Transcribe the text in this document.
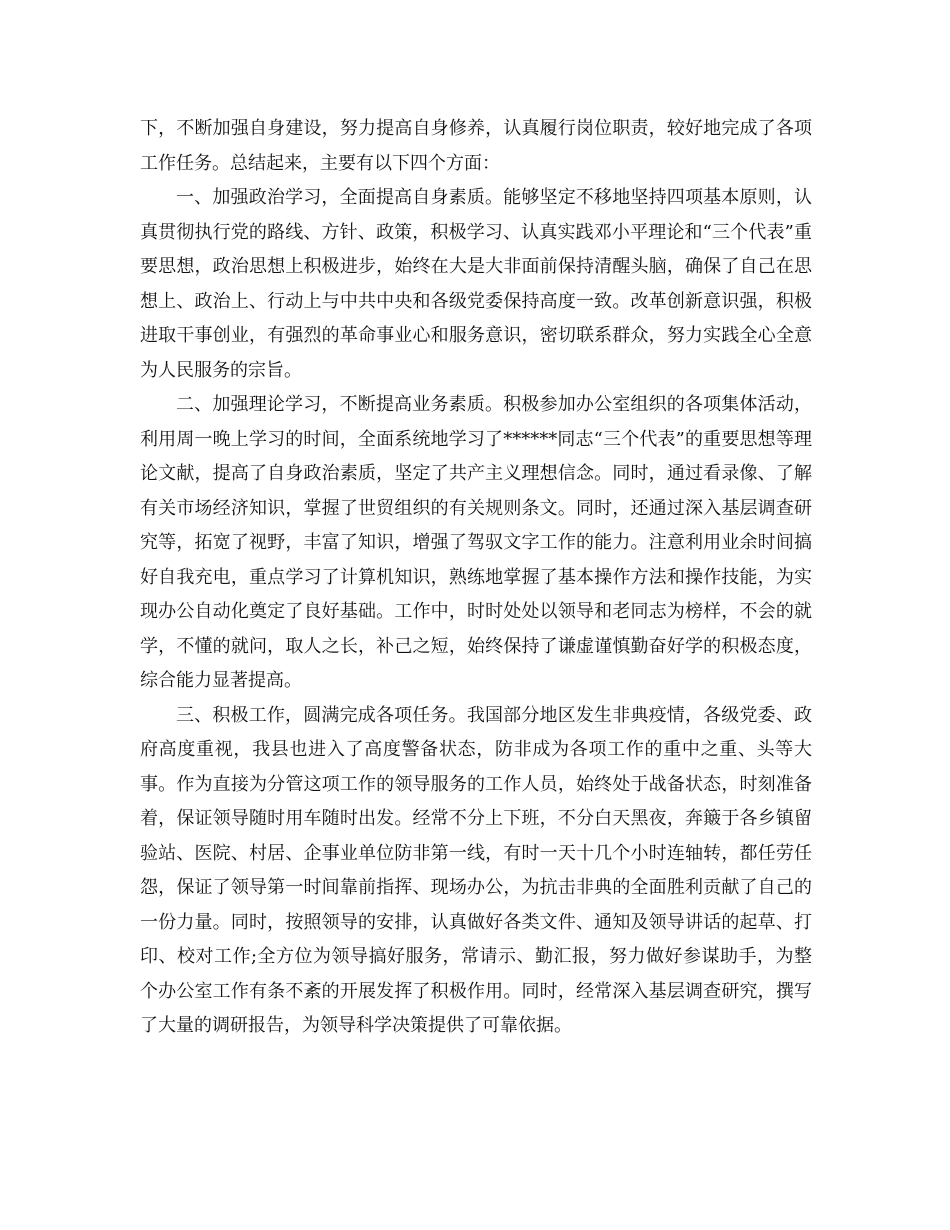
下，不断加强自身建设，努力提高自身修养，认真履行岗位职责，较好地完成了各项工作任务。总结起来，主要有以下四个方面：

一、加强政治学习，全面提高自身素质。能够坚定不移地坚持四项基本原则，认真贯彻执行党的路线、方针、政策，积极学习、认真实践邓小平理论和“三个代表”重要思想，政治思想上积极进步，始终在大是大非面前保持清醒头脑，确保了自己在思想上、政治上、行动上与中共中央和各级党委保持高度一致。改革创新意识强，积极进取干事创业，有强烈的革命事业心和服务意识，密切联系群众，努力实践全心全意为人民服务的宗旨。

二、加强理论学习，不断提高业务素质。积极参加办公室组织的各项集体活动，利用周一晚上学习的时间，全面系统地学习了******同志“三个代表”的重要思想等理论文献，提高了自身政治素质，坚定了共产主义理想信念。同时，通过看录像、了解有关市场经济知识，掌握了世贸组织的有关规则条文。同时，还通过深入基层调查研究等，拓宽了视野，丰富了知识，增强了驾驭文字工作的能力。注意利用业余时间搞好自我充电，重点学习了计算机知识，熟练地掌握了基本操作方法和操作技能，为实现办公自动化奠定了良好基础。工作中，时时处处以领导和老同志为榜样，不会的就学，不懂的就问，取人之长，补己之短，始终保持了谦虚谨慎勤奋好学的积极态度，综合能力显著提高。

三、积极工作，圆满完成各项任务。我国部分地区发生非典疫情，各级党委、政府高度重视，我县也进入了高度警备状态，防非成为各项工作的重中之重、头等大事。作为直接为分管这项工作的领导服务的工作人员，始终处于战备状态，时刻准备着，保证领导随时用车随时出发。经常不分上下班，不分白天黑夜，奔簸于各乡镇留验站、医院、村居、企事业单位防非第一线，有时一天十几个小时连轴转，都任劳任怨，保证了领导第一时间靠前指挥、现场办公，为抗击非典的全面胜利贡献了自己的一份力量。同时，按照领导的安排，认真做好各类文件、通知及领导讲话的起草、打印、校对工作;全方位为领导搞好服务，常请示、勤汇报，努力做好参谋助手，为整个办公室工作有条不紊的开展发挥了积极作用。同时，经常深入基层调查研究，撰写了大量的调研报告，为领导科学决策提供了可靠依据。
